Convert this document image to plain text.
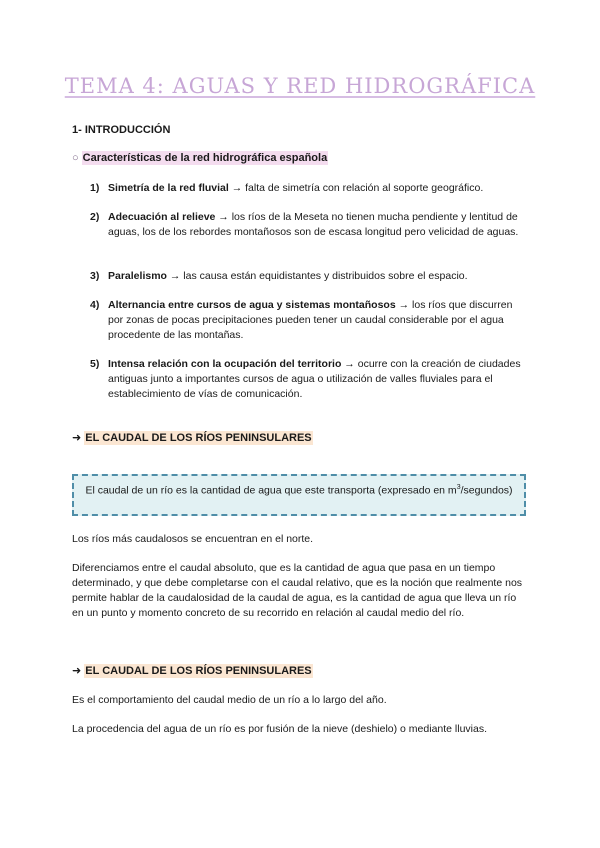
TEMA 4: AGUAS Y RED HIDROGRÁFICA
1- INTRODUCCIÓN
○ Características de la red hidrográfica española
1) Simetría de la red fluvial → falta de simetría con relación al soporte geográfico.
2) Adecuación al relieve → los ríos de la Meseta no tienen mucha pendiente y lentitud de aguas, los de los rebordes montañosos son de escasa longitud pero velicidad de aguas.
3) Paralelismo → las causa están equidistantes y distribuidos sobre el espacio.
4) Alternancia entre cursos de agua y sistemas montañosos → los ríos que discurren por zonas de pocas precipitaciones pueden tener un caudal considerable por el agua procedente de las montañas.
5) Intensa relación con la ocupación del territorio → ocurre con la creación de ciudades antiguas junto a importantes cursos de agua o utilización de valles fluviales para el establecimiento de vías de comunicación.
➜ EL CAUDAL DE LOS RÍOS PENINSULARES
El caudal de un río es la cantidad de agua que este transporta (expresado en $m^3/segundos$)
Los ríos más caudalosos se encuentran en el norte.
Diferenciamos entre el caudal absoluto, que es la cantidad de agua que pasa en un tiempo determinado, y que debe completarse con el caudal relativo, que es la noción que realmente nos permite hablar de la caudalosidad de la caudal de agua, es la cantidad de agua que lleva un río en un punto y momento concreto de su recorrido en relación al caudal medio del río.
➜ EL CAUDAL DE LOS RÍOS PENINSULARES
Es el comportamiento del caudal medio de un río a lo largo del año.
La procedencia del agua de un río es por fusión de la nieve (deshielo) o mediante lluvias.
